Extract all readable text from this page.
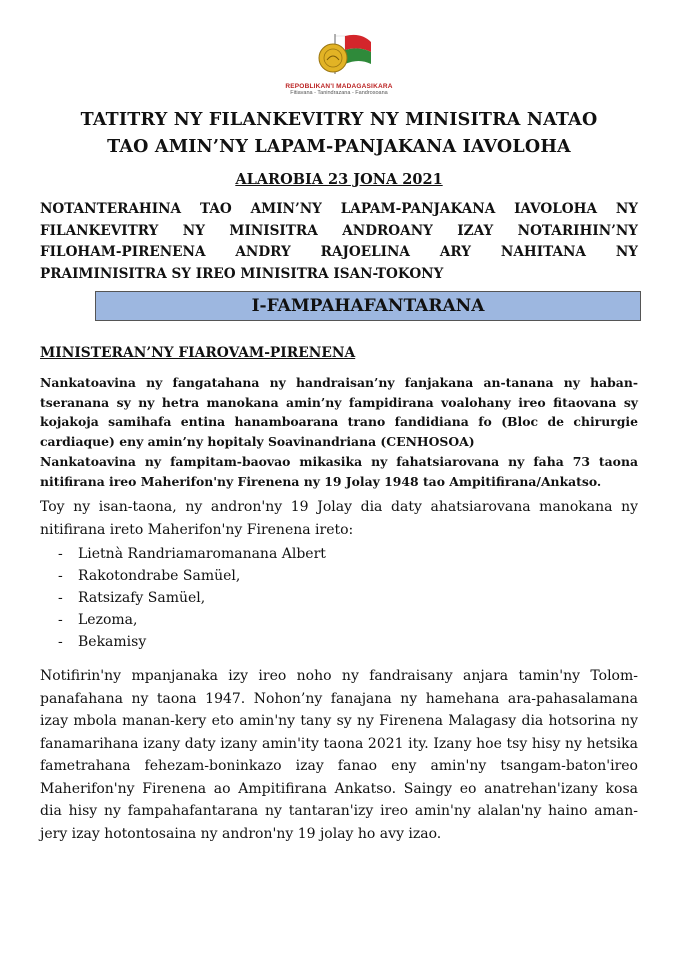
REPOBLIKAN'I MADAGASIKARA
Fitiavana - Tanindrazana - Fandrosoana
TATITRY NY FILANKEVITRY NY MINISITRA NATAO
TAO AMIN’NY LAPAM-PANJAKANA IAVOLOHA
ALAROBIA 23 JONA 2021
NOTANTERAHINA TAO AMIN’NY LAPAM-PANJAKANA IAVOLOHA NY
FILANKEVITRY NY MINISITRA ANDROANY IZAY NOTARIHIN’NY
FILOHAM-PIRENENA ANDRY RAJOELINA ARY NAHITANA NY
PRAIMINISITRA SY IREO MINISITRA ISAN-TOKONY
I-FAMPAHAFANTARANA
MINISTERAN’NY FIAROVAM-PIRENENA
Nankatoavina ny fangatahana ny handraisan’ny fanjakana an-tanana ny haban-tseranana sy ny hetra manokana amin’ny fampidirana voalohany ireo fitaovana sy kojakoja samihafa entina hanamboarana trano fandidiana fo (Bloc de chirurgie cardiaque) eny amin’ny hopitaly Soavinandriana (CENHOSOA)
Nankatoavina ny fampitam-baovao mikasika ny fahatsiarovana ny faha 73 taona nitifirana ireo Maherifon'ny Firenena ny 19 Jolay 1948 tao Ampitifirana/Ankatso.
Toy ny isan-taona, ny andron'ny 19 Jolay dia daty ahatsiarovana manokana ny nitifirana ireto Maherifon'ny Firenena ireto:
- Lietnà Randriamaromanana Albert
- Rakotondrabe Samüel,
- Ratsizafy Samüel,
- Lezoma,
- Bekamisy
Notifirin'ny mpanjanaka izy ireo noho ny fandraisany anjara tamin'ny Tolom-panafahana ny taona 1947. Nohon’ny fanajana ny hamehana ara-pahasalamana izay mbola manan-kery eto amin'ny tany sy ny Firenena Malagasy dia hotsorina ny fanamarihana izany daty izany amin'ity taona 2021 ity. Izany hoe tsy hisy ny hetsika fametrahana fehezam-boninkazo izay fanao eny amin'ny tsangam-baton'ireo Maherifon'ny Firenena ao Ampitifirana Ankatso. Saingy eo anatrehan'izany kosa dia hisy ny fampahafantarana ny tantaran'izy ireo amin'ny alalan'ny haino aman-jery izay hotontosaina ny andron'ny 19 jolay ho avy izao.
